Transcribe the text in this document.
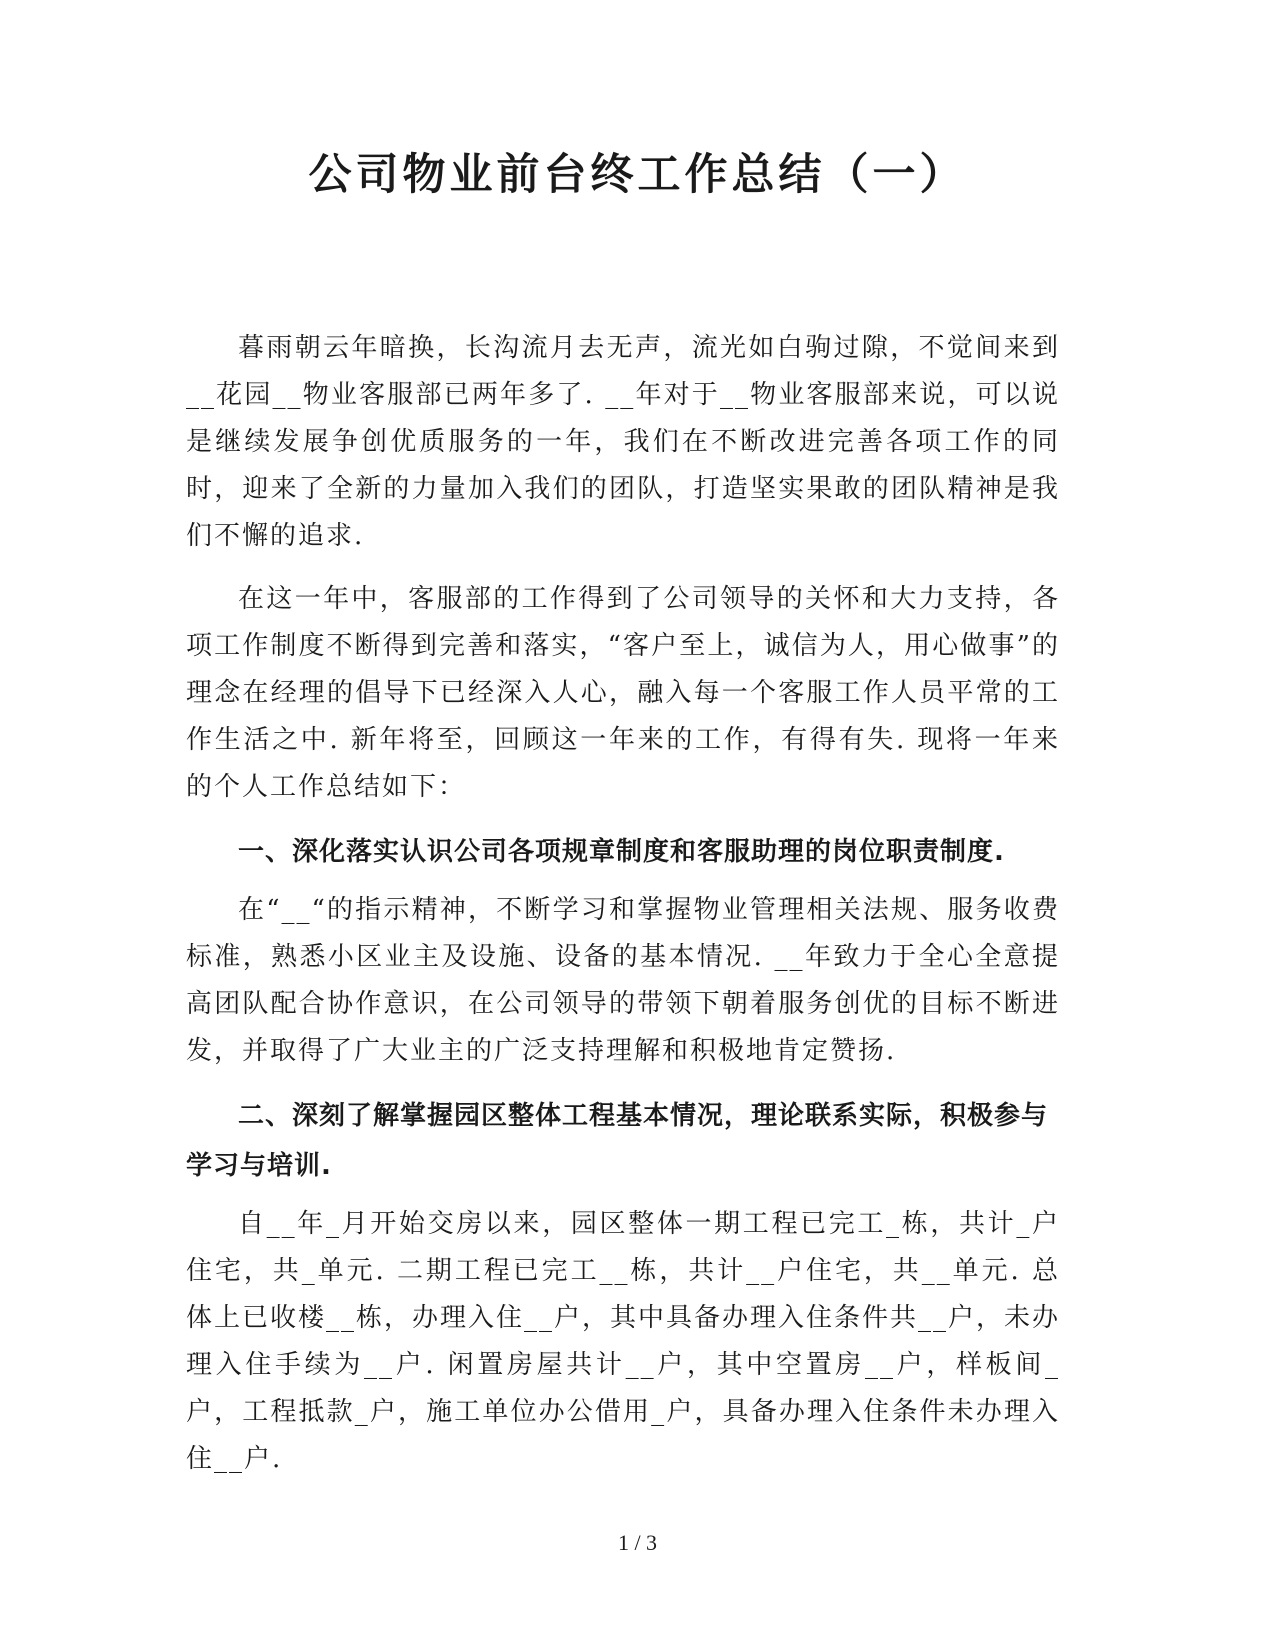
公司物业前台终工作总结（一）

暮雨朝云年暗换，长沟流月去无声，流光如白驹过隙，不觉间来到__花园__物业客服部已两年多了. __年对于__物业客服部来说，可以说是继续发展争创优质服务的一年，我们在不断改进完善各项工作的同时，迎来了全新的力量加入我们的团队，打造坚实果敢的团队精神是我们不懈的追求.

在这一年中，客服部的工作得到了公司领导的关怀和大力支持，各项工作制度不断得到完善和落实，“客户至上，诚信为人，用心做事”的理念在经理的倡导下已经深入人心，融入每一个客服工作人员平常的工作生活之中. 新年将至，回顾这一年来的工作，有得有失. 现将一年来的个人工作总结如下：

一、深化落实认识公司各项规章制度和客服助理的岗位职责制度.

在“__“的指示精神，不断学习和掌握物业管理相关法规、服务收费标准，熟悉小区业主及设施、设备的基本情况. __年致力于全心全意提高团队配合协作意识，在公司领导的带领下朝着服务创优的目标不断进发，并取得了广大业主的广泛支持理解和积极地肯定赞扬.

二、深刻了解掌握园区整体工程基本情况，理论联系实际，积极参与学习与培训.

自__年_月开始交房以来，园区整体一期工程已完工_栋，共计_户住宅，共_单元. 二期工程已完工__栋，共计__户住宅，共__单元. 总体上已收楼__栋，办理入住__户，其中具备办理入住条件共__户，未办理入住手续为__户. 闲置房屋共计__户，其中空置房__户，样板间_户，工程抵款_户，施工单位办公借用_户，具备办理入住条件未办理入住__户.

1 / 3
